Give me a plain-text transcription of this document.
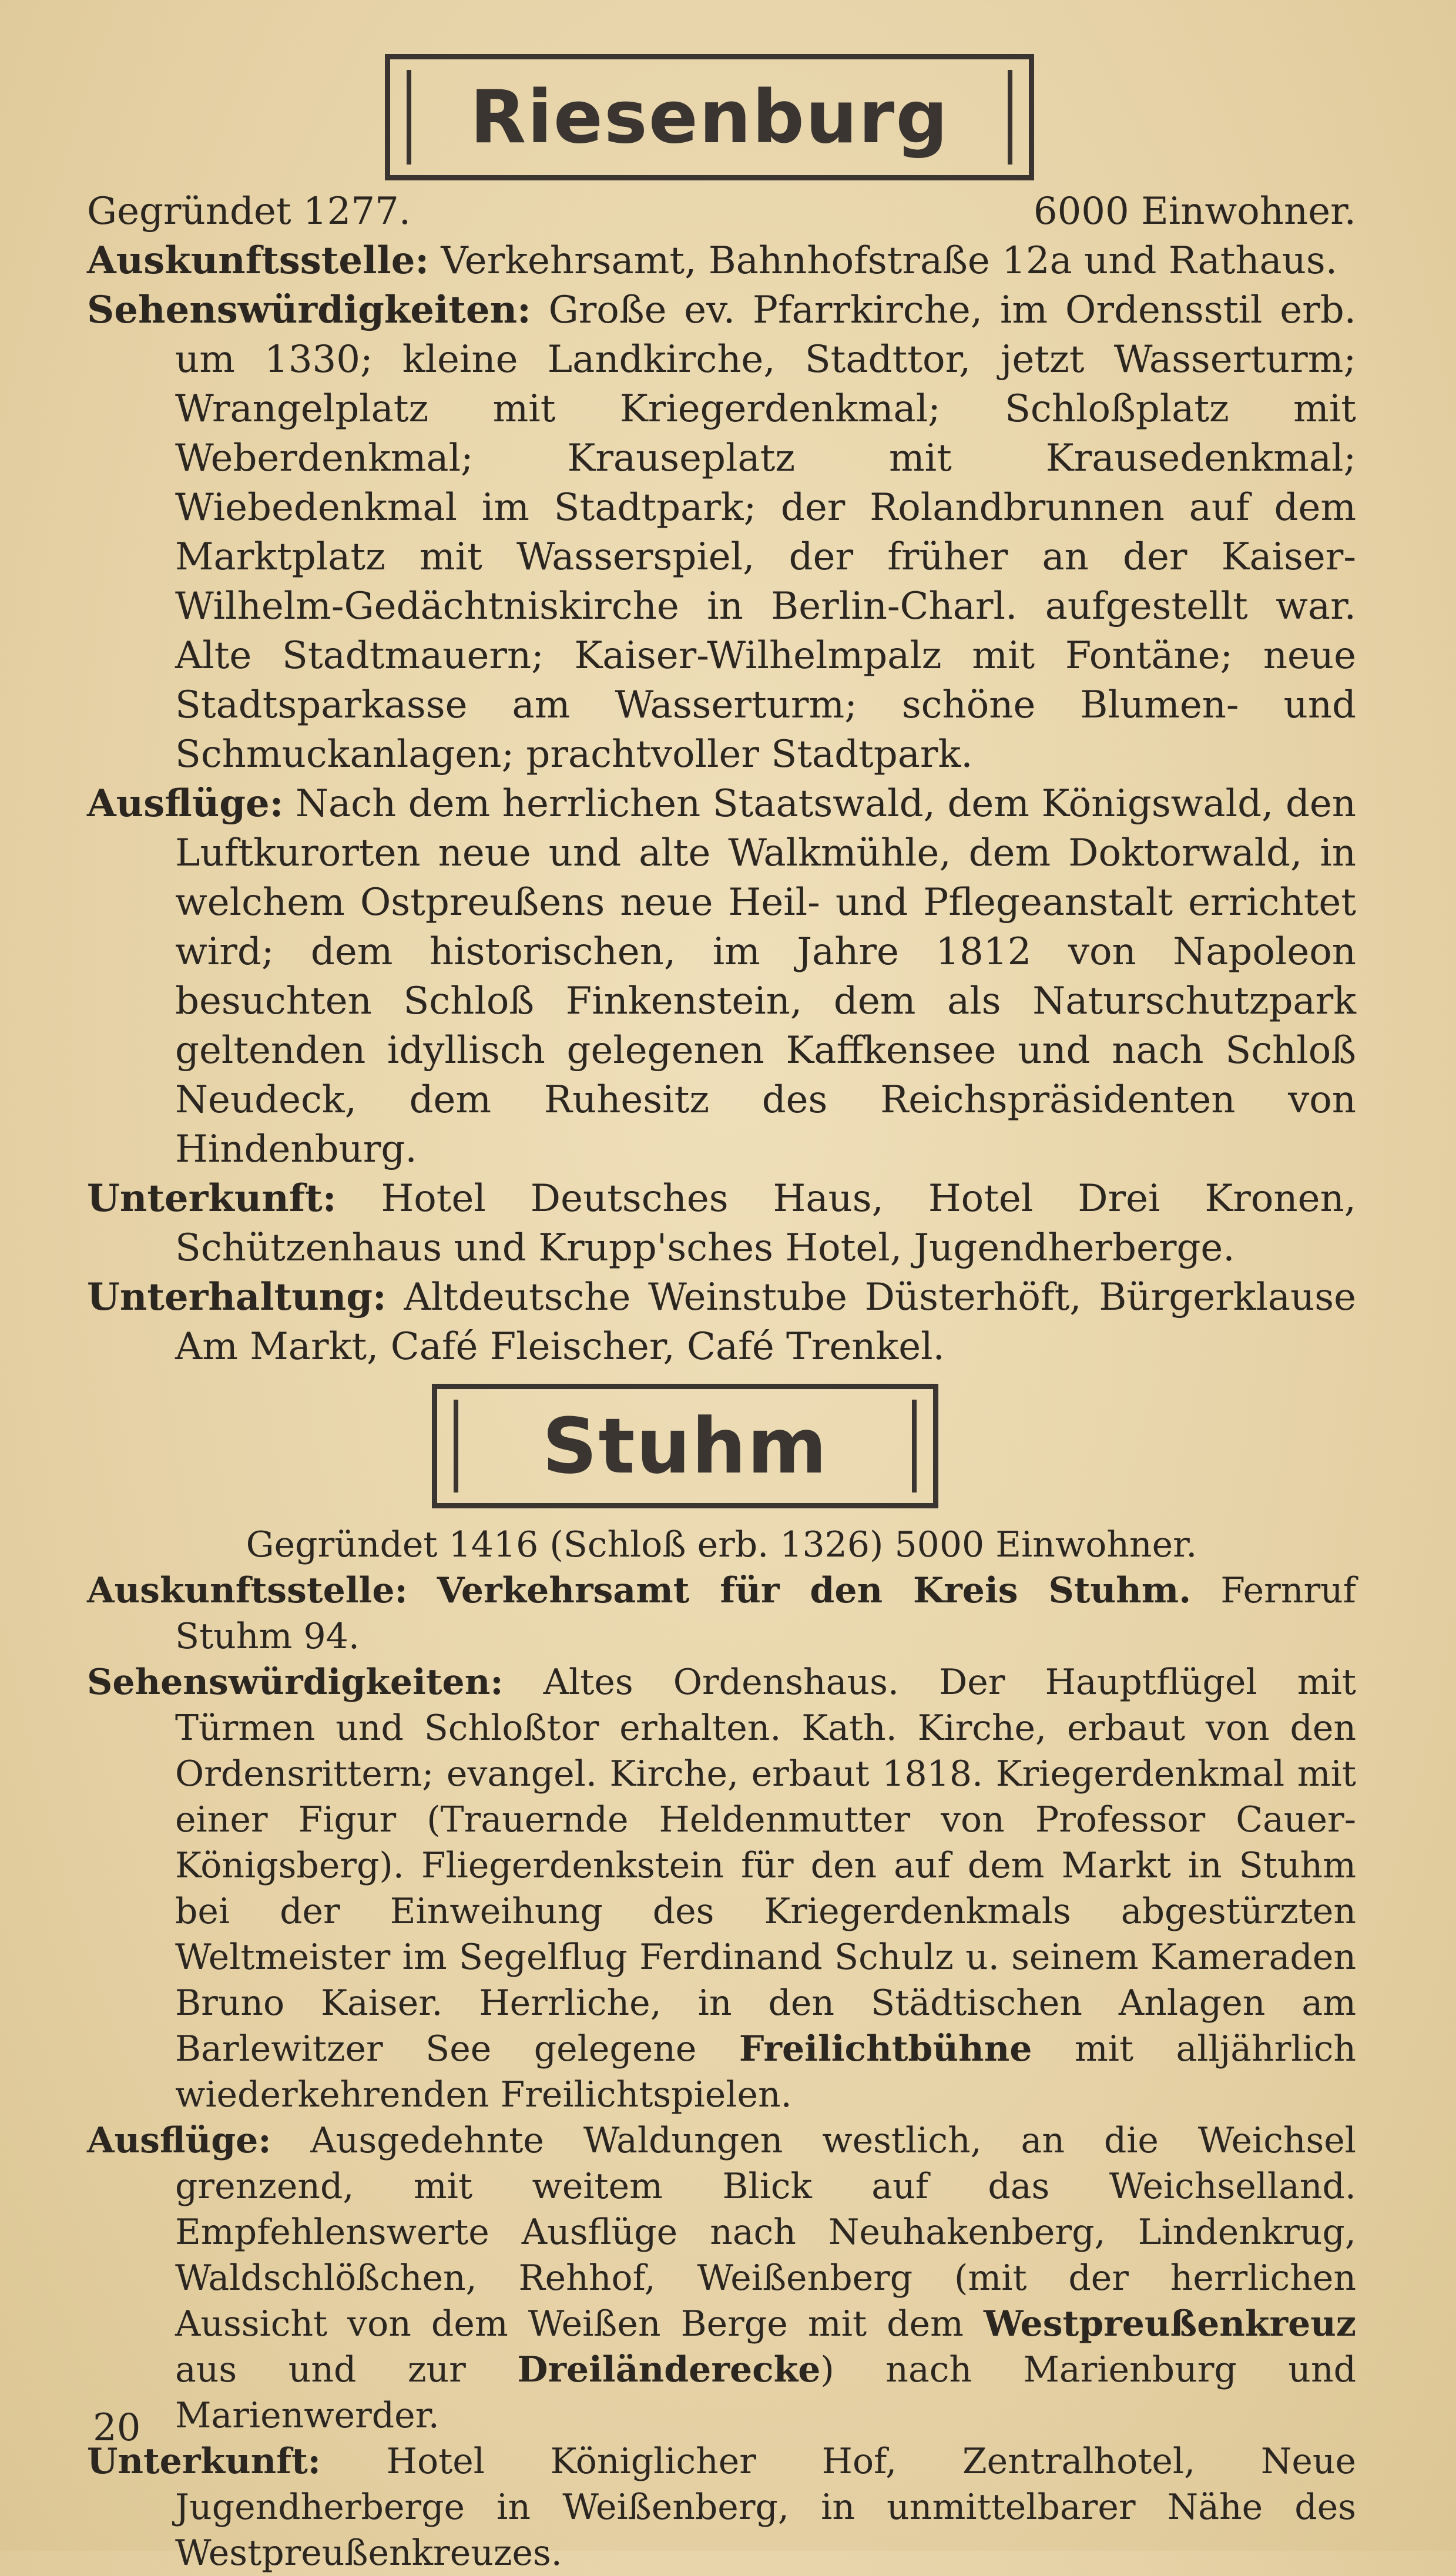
Riesenburg

Gegründet 1277.	6000 Einwohner.

Auskunftsstelle: Verkehrsamt, Bahnhofstraße 12a und Rathaus.

Sehenswürdigkeiten: Große ev. Pfarrkirche, im Ordensstil erb. um 1330; kleine Landkirche, Stadttor, jetzt Wasserturm; Wrangelplatz mit Kriegerdenkmal; Schloßplatz mit Weberdenkmal; Krauseplatz mit Krausedenkmal; Wiebedenkmal im Stadtpark; der Rolandbrunnen auf dem Marktplatz mit Wasserspiel, der früher an der Kaiser-Wilhelm-Gedächtniskirche in Berlin-Charl. aufgestellt war. Alte Stadtmauern; Kaiser-Wilhelmpalz mit Fontäne; neue Stadtsparkasse am Wasserturm; schöne Blumen- und Schmuckanlagen; prachtvoller Stadtpark.

Ausflüge: Nach dem herrlichen Staatswald, dem Königswald, den Luftkurorten neue und alte Walkmühle, dem Doktorwald, in welchem Ostpreußens neue Heil- und Pflegeanstalt errichtet wird; dem historischen, im Jahre 1812 von Napoleon besuchten Schloß Finkenstein, dem als Naturschutzpark geltenden idyllisch gelegenen Kaffkensee und nach Schloß Neudeck, dem Ruhesitz des Reichspräsidenten von Hindenburg.

Unterkunft: Hotel Deutsches Haus, Hotel Drei Kronen, Schützenhaus und Krupp'sches Hotel, Jugendherberge.

Unterhaltung: Altdeutsche Weinstube Düsterhöft, Bürgerklause Am Markt, Café Fleischer, Café Trenkel.

Stuhm

Gegründet 1416 (Schloß erb. 1326) 5000 Einwohner.

Auskunftsstelle: Verkehrsamt für den Kreis Stuhm. Fernruf Stuhm 94.

Sehenswürdigkeiten: Altes Ordenshaus. Der Hauptflügel mit Türmen und Schloßtor erhalten. Kath. Kirche, erbaut von den Ordensrittern; evangel. Kirche, erbaut 1818. Kriegerdenkmal mit einer Figur (Trauernde Heldenmutter von Professor Cauer-Königsberg). Fliegerdenkstein für den auf dem Markt in Stuhm bei der Einweihung des Kriegerdenkmals abgestürzten Weltmeister im Segelflug Ferdinand Schulz u. seinem Kameraden Bruno Kaiser. Herrliche, in den Städtischen Anlagen am Barlewitzer See gelegene Freilichtbühne mit alljährlich wiederkehrenden Freilichtspielen.

Ausflüge: Ausgedehnte Waldungen westlich, an die Weichsel grenzend, mit weitem Blick auf das Weichselland. Empfehlenswerte Ausflüge nach Neuhakenberg, Lindenkrug, Waldschlößchen, Rehhof, Weißenberg (mit der herrlichen Aussicht von dem Weißen Berge mit dem Westpreußenkreuz aus und zur Dreiländerecke) nach Marienburg und Marienwerder.

Unterkunft: Hotel Königlicher Hof, Zentralhotel, Neue Jugendherberge in Weißenberg, in unmittelbarer Nähe des Westpreußenkreuzes.

20
